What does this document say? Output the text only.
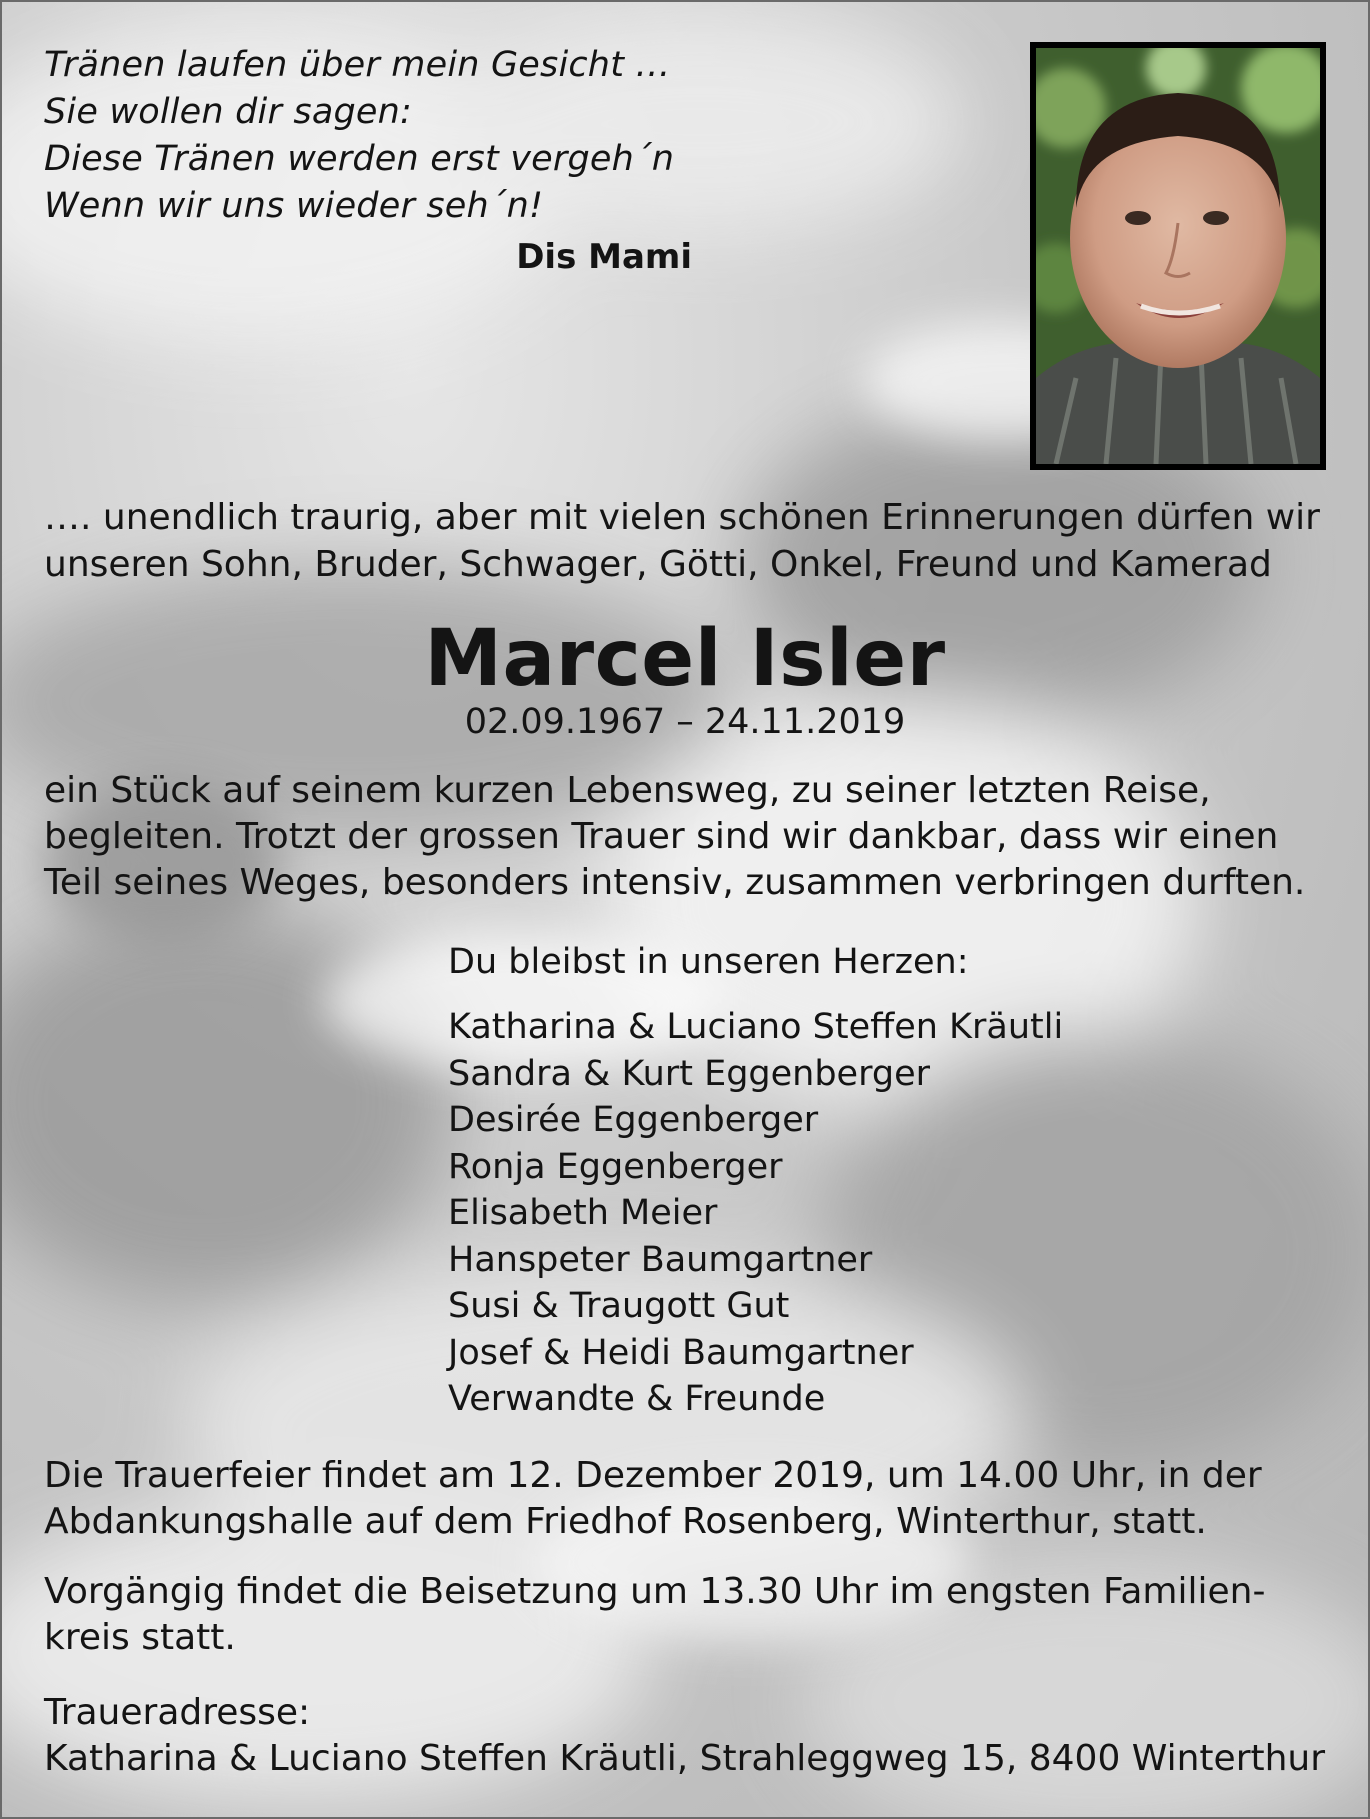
Tränen laufen über mein Gesicht …
Sie wollen dir sagen:
Diese Tränen werden erst vergeh´n
Wenn wir uns wieder seh´n!
Dis Mami
…. unendlich traurig, aber mit vielen schönen Erinnerungen dürfen wir
unseren Sohn, Bruder, Schwager, Götti, Onkel, Freund und Kamerad
Marcel Isler
02.09.1967 – 24.11.2019
ein Stück auf seinem kurzen Lebensweg, zu seiner letzten Reise,
begleiten. Trotzt der grossen Trauer sind wir dankbar, dass wir einen
Teil seines Weges, besonders intensiv, zusammen verbringen durften.
Du bleibst in unseren Herzen:
Katharina & Luciano Steffen Kräutli
Sandra & Kurt Eggenberger
Desirée Eggenberger
Ronja Eggenberger
Elisabeth Meier
Hanspeter Baumgartner
Susi & Traugott Gut
Josef & Heidi Baumgartner
Verwandte & Freunde
Die Trauerfeier findet am 12. Dezember 2019, um 14.00 Uhr, in der
Abdankungshalle auf dem Friedhof Rosenberg, Winterthur, statt.
Vorgängig findet die Beisetzung um 13.30 Uhr im engsten Familien-
kreis statt.
Traueradresse:
Katharina & Luciano Steffen Kräutli, Strahleggweg 15, 8400 Winterthur
